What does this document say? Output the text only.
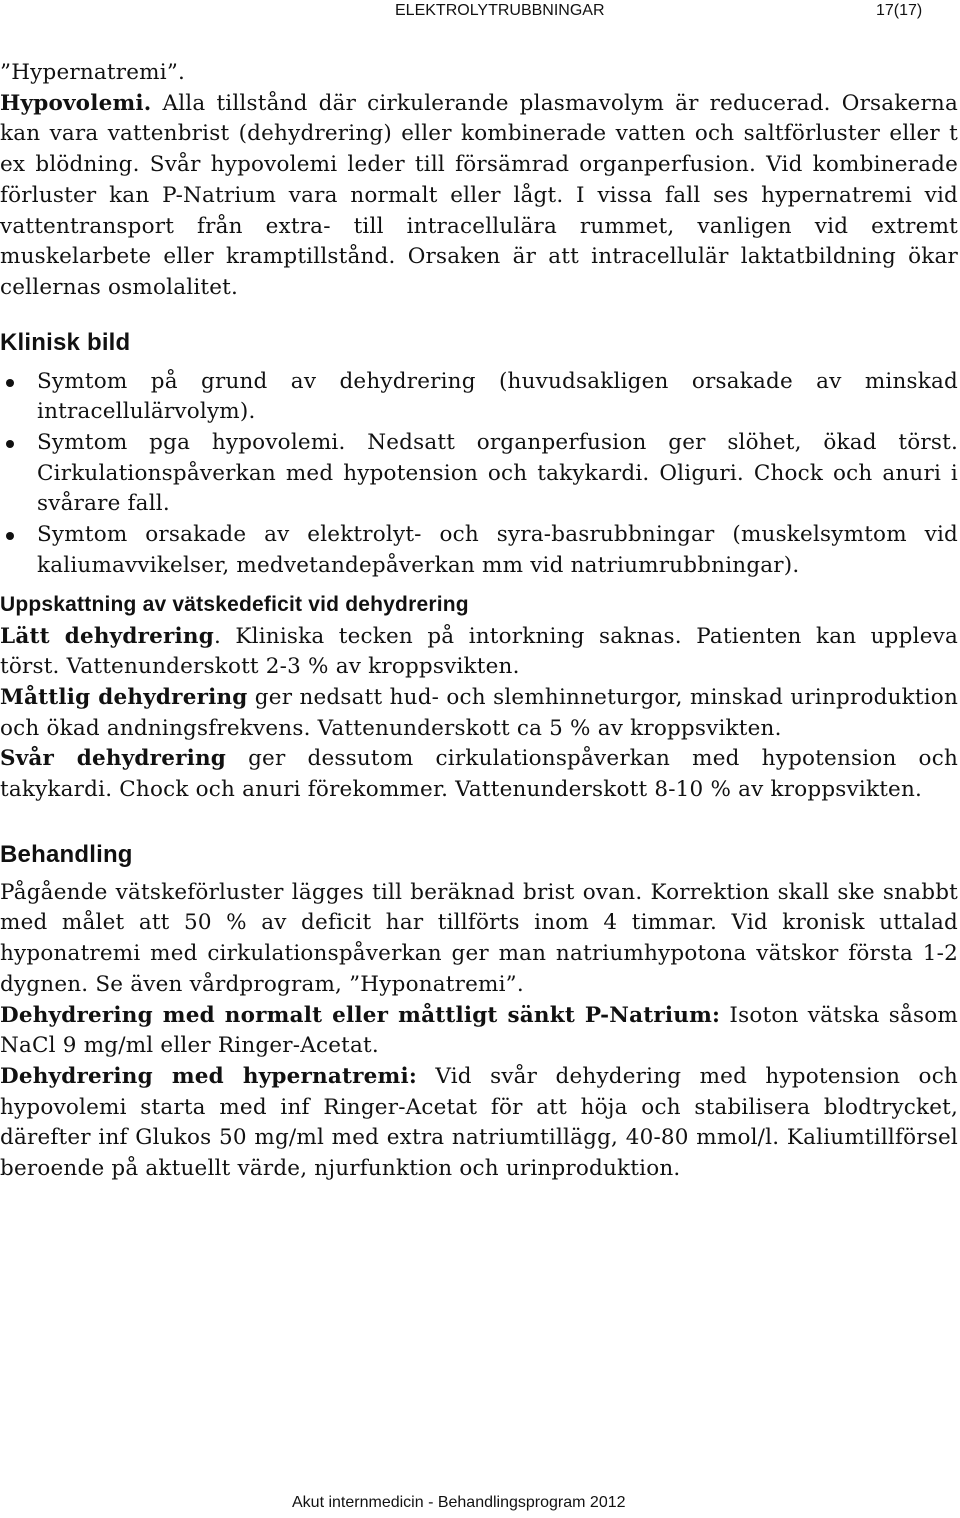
ELEKTROLYTRUBBNINGAR	17(17)

”Hypernatremi”.
Hypovolemi. Alla tillstånd där cirkulerande plasmavolym är reducerad. Orsakerna kan vara vattenbrist (dehydrering) eller kombinerade vatten och saltförluster eller t ex blödning. Svår hypovolemi leder till försämrad organperfusion. Vid kombinerade förluster kan P-Natrium vara normalt eller lågt. I vissa fall ses hypernatremi vid vattentransport från extra- till intracellulära rummet, vanligen vid extremt muskelarbete eller kramptillstånd. Orsaken är att intracellulär laktatbildning ökar cellernas osmolalitet.

Klinisk bild
Symtom på grund av dehydrering (huvudsakligen orsakade av minskad intracellulärvolym).
Symtom pga hypovolemi. Nedsatt organperfusion ger slöhet, ökad törst. Cirkulationspåverkan med hypotension och takykardi. Oliguri. Chock och anuri i svårare fall.
Symtom orsakade av elektrolyt- och syra-basrubbningar (muskelsymtom vid kaliumavvikelser, medvetandepåverkan mm vid natriumrubbningar).
Uppskattning av vätskedeficit vid dehydrering

Lätt dehydrering. Kliniska tecken på intorkning saknas. Patienten kan uppleva törst. Vattenunderskott 2-3 % av kroppsvikten.

Måttlig dehydrering ger nedsatt hud- och slemhinneturgor, minskad urinproduktion och ökad andningsfrekvens. Vattenunderskott ca 5 % av kroppsvikten.

Svår dehydrering ger dessutom cirkulationspåverkan med hypotension och takykardi. Chock och anuri förekommer. Vattenunderskott 8-10 % av kroppsvikten.

Behandling

Pågående vätskeförluster lägges till beräknad brist ovan. Korrektion skall ske snabbt med målet att 50 % av deficit har tillförts inom 4 timmar. Vid kronisk uttalad hyponatremi med cirkulationspåverkan ger man natriumhypotona vätskor första 1-2 dygnen. Se även vårdprogram, ”Hyponatremi”.

Dehydrering med normalt eller måttligt sänkt P-Natrium: Isoton vätska såsom NaCl 9 mg/ml eller Ringer-Acetat.

Dehydrering med hypernatremi: Vid svår dehydering med hypotension och hypovolemi starta med inf Ringer-Acetat för att höja och stabilisera blodtrycket, därefter inf Glukos 50 mg/ml med extra natriumtillägg, 40-80 mmol/l. Kaliumtillförsel beroende på aktuellt värde, njurfunktion och urinproduktion.

Akut internmedicin - Behandlingsprogram 2012
